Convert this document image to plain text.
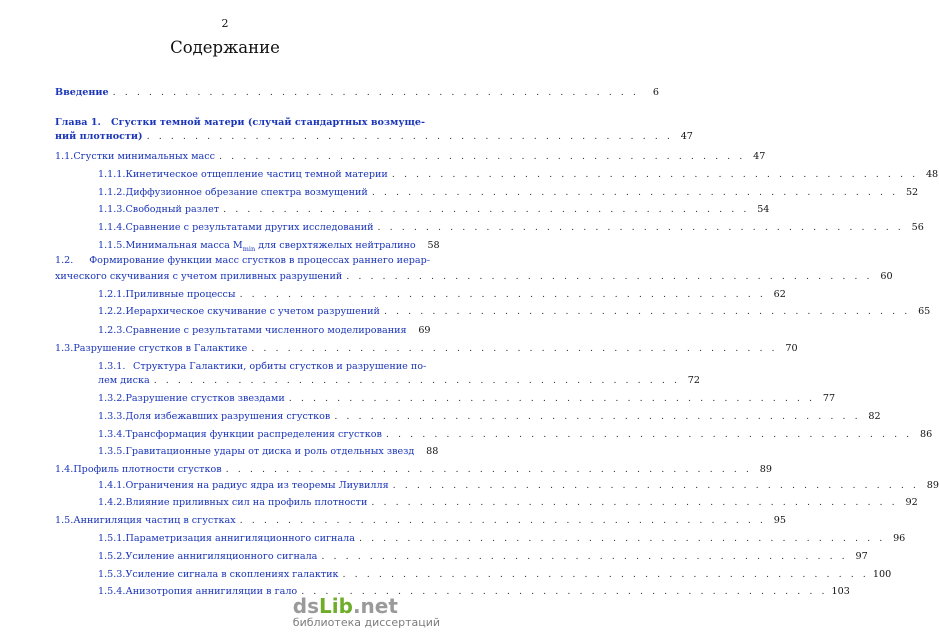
2
Содержание
Введение . . . . . . . . . . . . . . . . . . . . . . . . . . . . . . . . . . . . . . . . . . . .	6
Глава 1.	Сгустки темной матери (случай стандартных возмуще-
ний плотности) . . . . . . . . . . . . . . . . . . . . . . . . . . . . . . . . . . . . . . . . . . . . 47
1.1. Сгустки минимальных масс . . . . . . . . . . . . . . . . . . . . . . . . . . . . . . . . . . . . . . . . . . . . 47
1.1.1. Кинетическое отщепление частиц темной материи . . . . . . . . . . . . . . . . . . . . . . . . . . . . . . . . . . . . . . . . . . . . 48
1.1.2. Диффузионное обрезание спектра возмущений . . . . . . . . . . . . . . . . . . . . . . . . . . . . . . . . . . . . . . . . . . . . 52
1.1.3. Свободный разлет . . . . . . . . . . . . . . . . . . . . . . . . . . . . . . . . . . . . . . . . . . . . 54
1.1.4. Сравнение с результатами других исследований . . . . . . . . . . . . . . . . . . . . . . . . . . . . . . . . . . . . . . . . . . . . 56
1.1.5. Минимальная масса $M_{min}$ для сверхтяжелых нейтралино	58
1.2.	Формирование функции масс сгустков в процессах раннего иерар-
хического скучивания с учетом приливных разрушений . . . . . . . . . . . . . . . . . . . . . . . . . . . . . . . . . . . . . . . . . . . . 60
1.2.1. Приливные процессы . . . . . . . . . . . . . . . . . . . . . . . . . . . . . . . . . . . . . . . . . . . . 62
1.2.2. Иерархическое скучивание с учетом разрушений . . . . . . . . . . . . . . . . . . . . . . . . . . . . . . . . . . . . . . . . . . . . 65
1.2.3. Сравнение с результатами численного моделирования	69
1.3. Разрушение сгустков в Галактике . . . . . . . . . . . . . . . . . . . . . . . . . . . . . . . . . . . . . . . . . . . . 70
1.3.1. Структура Галактики, орбиты сгустков и разрушение по-
лем диска . . . . . . . . . . . . . . . . . . . . . . . . . . . . . . . . . . . . . . . . . . . . 72
1.3.2. Разрушение сгустков звездами . . . . . . . . . . . . . . . . . . . . . . . . . . . . . . . . . . . . . . . . . . . . 77
1.3.3. Доля избежавших разрушения сгустков . . . . . . . . . . . . . . . . . . . . . . . . . . . . . . . . . . . . . . . . . . . . 82
1.3.4. Трансформация функции распределения сгустков . . . . . . . . . . . . . . . . . . . . . . . . . . . . . . . . . . . . . . . . . . . . 86
1.3.5. Гравитационные удары от диска и роль отдельных звезд	88
1.4. Профиль плотности сгустков . . . . . . . . . . . . . . . . . . . . . . . . . . . . . . . . . . . . . . . . . . . . 89
1.4.1. Ограничения на радиус ядра из теоремы Лиувилля . . . . . . . . . . . . . . . . . . . . . . . . . . . . . . . . . . . . . . . . . . . . 89
1.4.2. Влияние приливных сил на профиль плотности . . . . . . . . . . . . . . . . . . . . . . . . . . . . . . . . . . . . . . . . . . . . 92
1.5. Аннигиляция частиц в сгустках . . . . . . . . . . . . . . . . . . . . . . . . . . . . . . . . . . . . . . . . . . . . 95
1.5.1. Параметризация аннигиляционного сигнала . . . . . . . . . . . . . . . . . . . . . . . . . . . . . . . . . . . . . . . . . . . . 96
1.5.2. Усиление аннигиляционного сигнала . . . . . . . . . . . . . . . . . . . . . . . . . . . . . . . . . . . . . . . . . . . . 97
1.5.3. Усиление сигнала в скоплениях галактик . . . . . . . . . . . . . . . . . . . . . . . . . . . . . . . . . . . . . . . . . . . . 100
1.5.4. Анизотропия аннигиляции в гало . . . . . . . . . . . . . . . . . . . . . . . . . . . . . . . . . . . . . . . . . . . . 103
dsLib.net
библиотека диссертаций
